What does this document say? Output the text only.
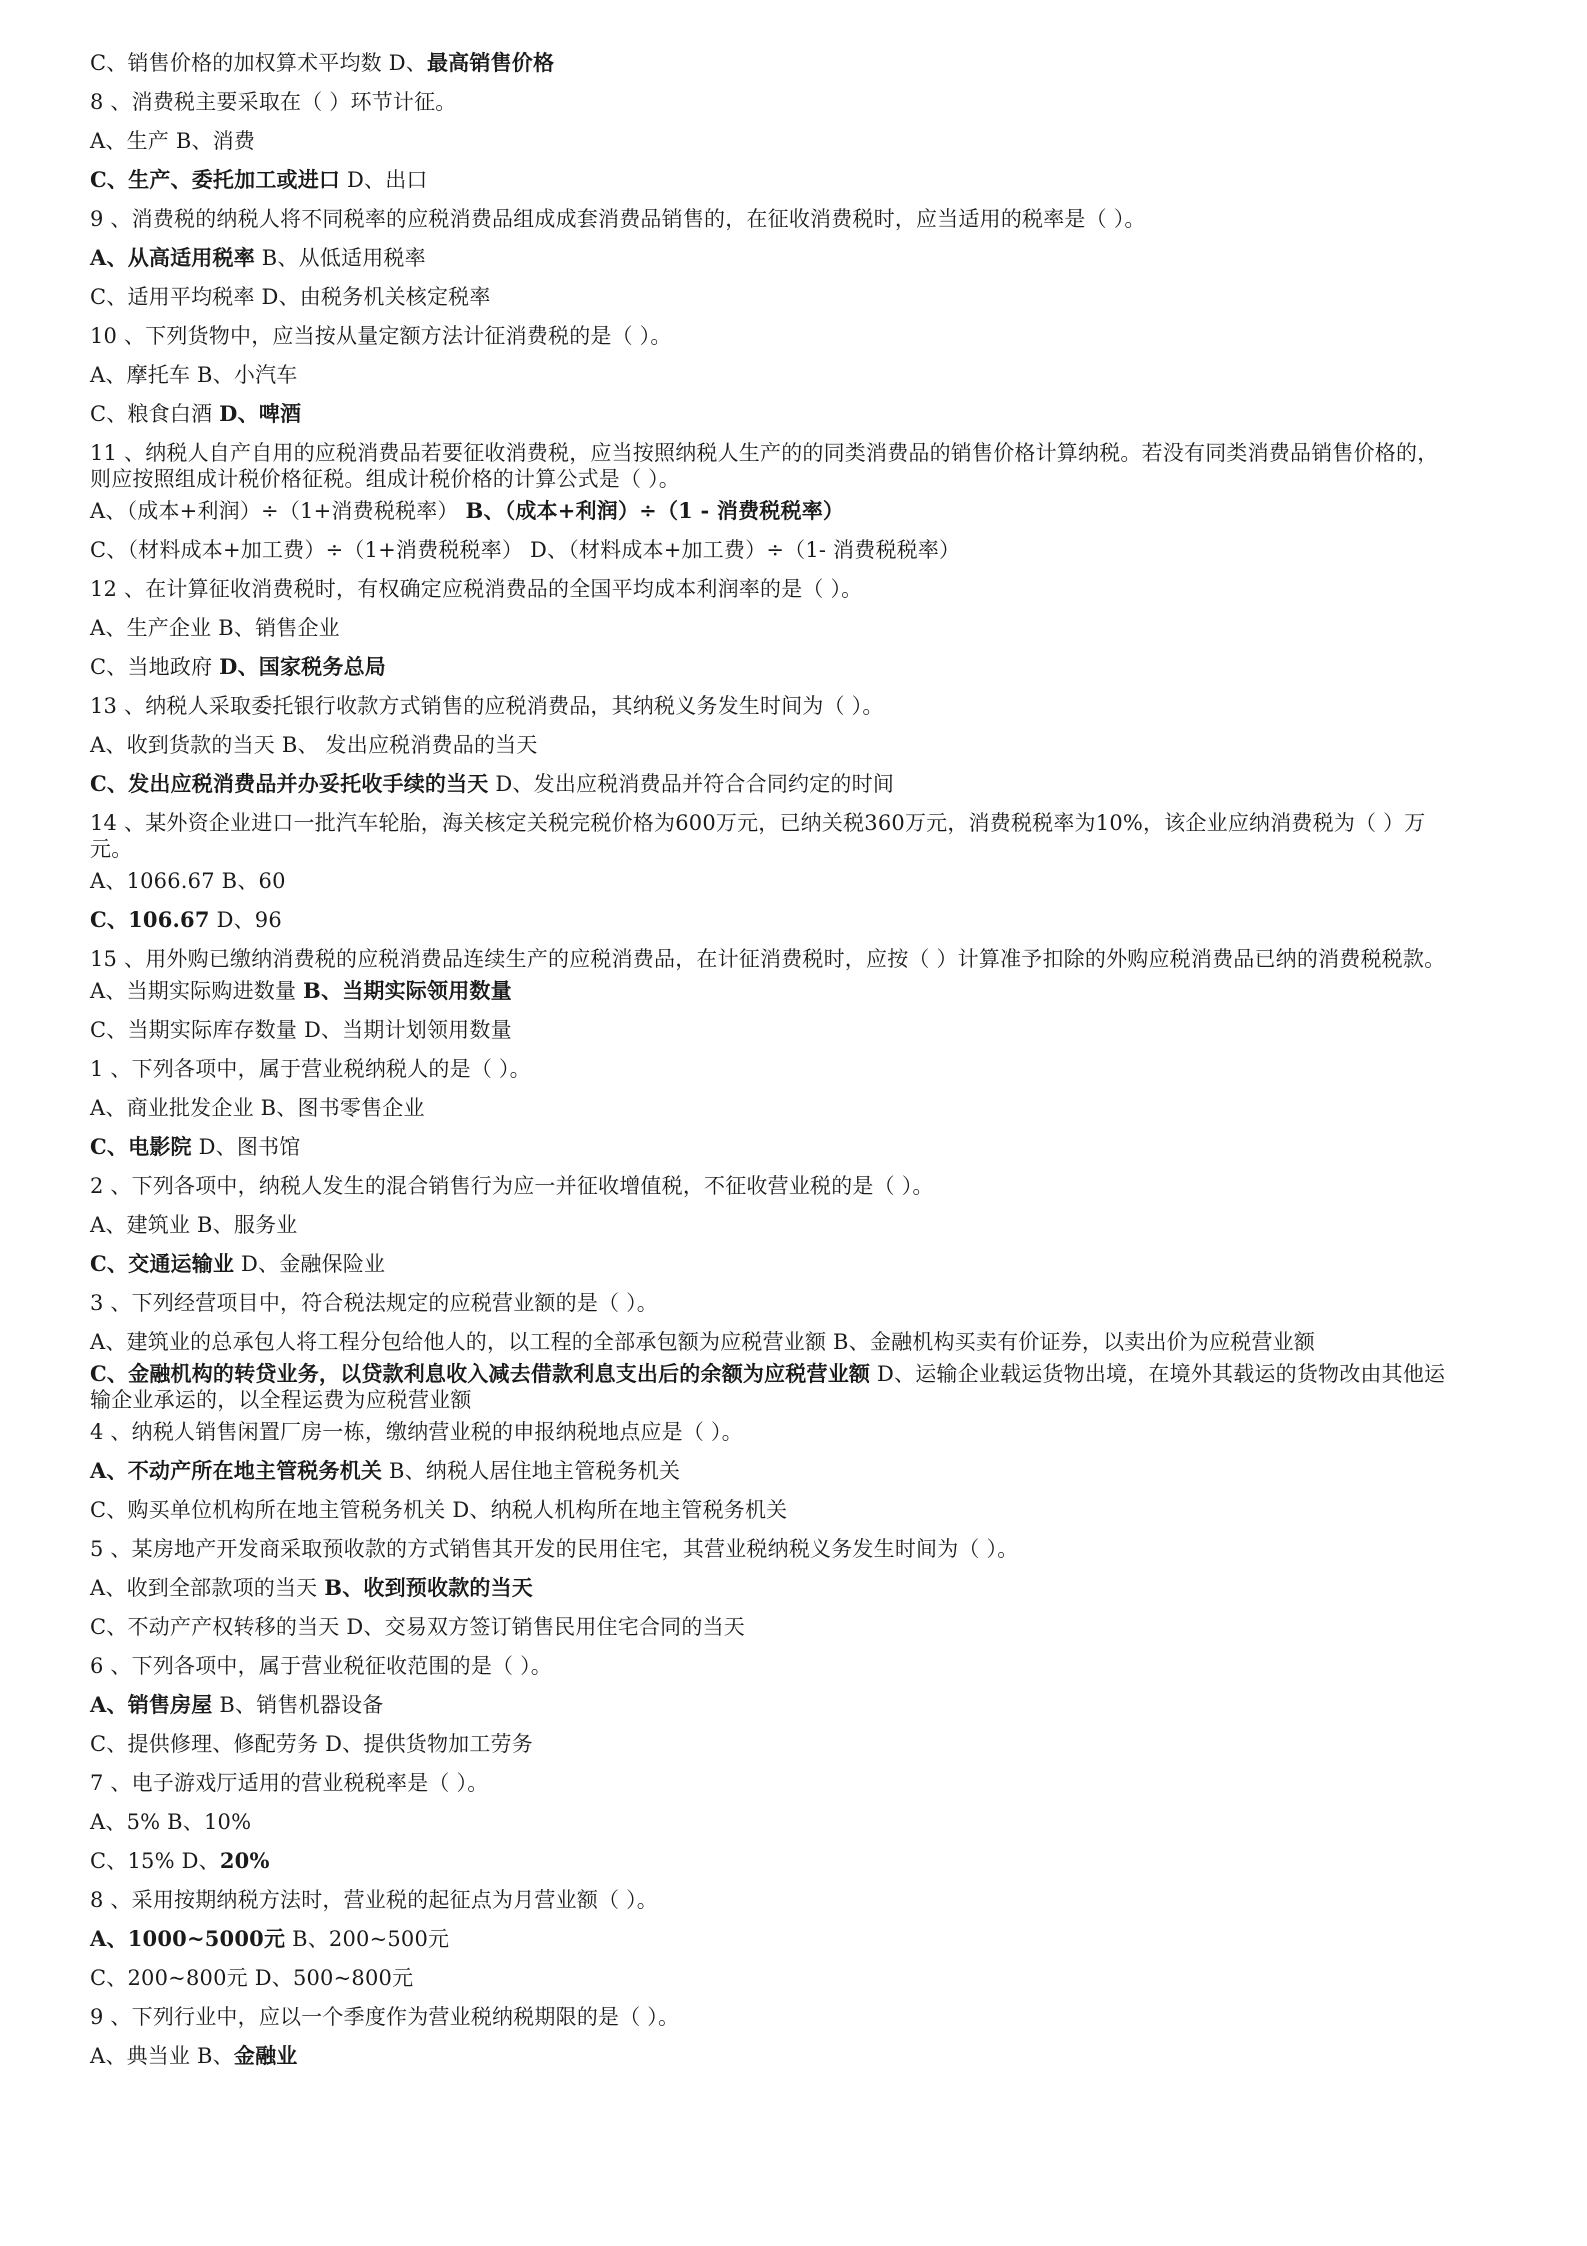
C、销售价格的加权算术平均数 D、最高销售价格
8 、消费税主要采取在（ ）环节计征。
A、生产 B、消费
C、生产、委托加工或进口 D、出口
9 、消费税的纳税人将不同税率的应税消费品组成成套消费品销售的，在征收消费税时，应当适用的税率是（ ）。
A、从高适用税率 B、从低适用税率
C、适用平均税率 D、由税务机关核定税率
10 、下列货物中，应当按从量定额方法计征消费税的是（ ）。
A、摩托车 B、小汽车
C、粮食白酒 D、啤酒
11 、纳税人自产自用的应税消费品若要征收消费税，应当按照纳税人生产的的同类消费品的销售价格计算纳税。若没有同类消费品销售价格的，则应按照组成计税价格征税。组成计税价格的计算公式是（ ）。
A、（成本+利润）÷（1+消费税税率） B、（成本+利润）÷（1 - 消费税税率）
C、（材料成本+加工费）÷（1+消费税税率） D、（材料成本+加工费）÷（1- 消费税税率）
12 、在计算征收消费税时，有权确定应税消费品的全国平均成本利润率的是（ ）。
A、生产企业 B、销售企业
C、当地政府 D、国家税务总局
13 、纳税人采取委托银行收款方式销售的应税消费品，其纳税义务发生时间为（ ）。
A、收到货款的当天 B、 发出应税消费品的当天
C、发出应税消费品并办妥托收手续的当天 D、发出应税消费品并符合合同约定的时间
14 、某外资企业进口一批汽车轮胎，海关核定关税完税价格为600万元，已纳关税360万元，消费税税率为10%，该企业应纳消费税为（ ）万元。
A、1066.67 B、60
C、106.67 D、96
15 、用外购已缴纳消费税的应税消费品连续生产的应税消费品，在计征消费税时，应按（ ）计算准予扣除的外购应税消费品已纳的消费税税款。
A、当期实际购进数量 B、当期实际领用数量
C、当期实际库存数量 D、当期计划领用数量
1 、下列各项中，属于营业税纳税人的是（ ）。
A、商业批发企业 B、图书零售企业
C、电影院 D、图书馆
2 、下列各项中，纳税人发生的混合销售行为应一并征收增值税，不征收营业税的是（ ）。
A、建筑业 B、服务业
C、交通运输业 D、金融保险业
3 、下列经营项目中，符合税法规定的应税营业额的是（ ）。
A、建筑业的总承包人将工程分包给他人的，以工程的全部承包额为应税营业额 B、金融机构买卖有价证券，以卖出价为应税营业额
C、金融机构的转贷业务，以贷款利息收入减去借款利息支出后的余额为应税营业额 D、运输企业载运货物出境，在境外其载运的货物改由其他运输企业承运的，以全程运费为应税营业额
4 、纳税人销售闲置厂房一栋，缴纳营业税的申报纳税地点应是（ ）。
A、不动产所在地主管税务机关 B、纳税人居住地主管税务机关
C、购买单位机构所在地主管税务机关 D、纳税人机构所在地主管税务机关
5 、某房地产开发商采取预收款的方式销售其开发的民用住宅，其营业税纳税义务发生时间为（ ）。
A、收到全部款项的当天 B、收到预收款的当天
C、不动产产权转移的当天 D、交易双方签订销售民用住宅合同的当天
6 、下列各项中，属于营业税征收范围的是（ ）。
A、销售房屋 B、销售机器设备
C、提供修理、修配劳务 D、提供货物加工劳务
7 、电子游戏厅适用的营业税税率是（ ）。
A、5% B、10%
C、15% D、20%
8 、采用按期纳税方法时，营业税的起征点为月营业额（ ）。
A、1000~5000元 B、200~500元
C、200~800元 D、500~800元
9 、下列行业中，应以一个季度作为营业税纳税期限的是（ ）。
A、典当业 B、金融业
